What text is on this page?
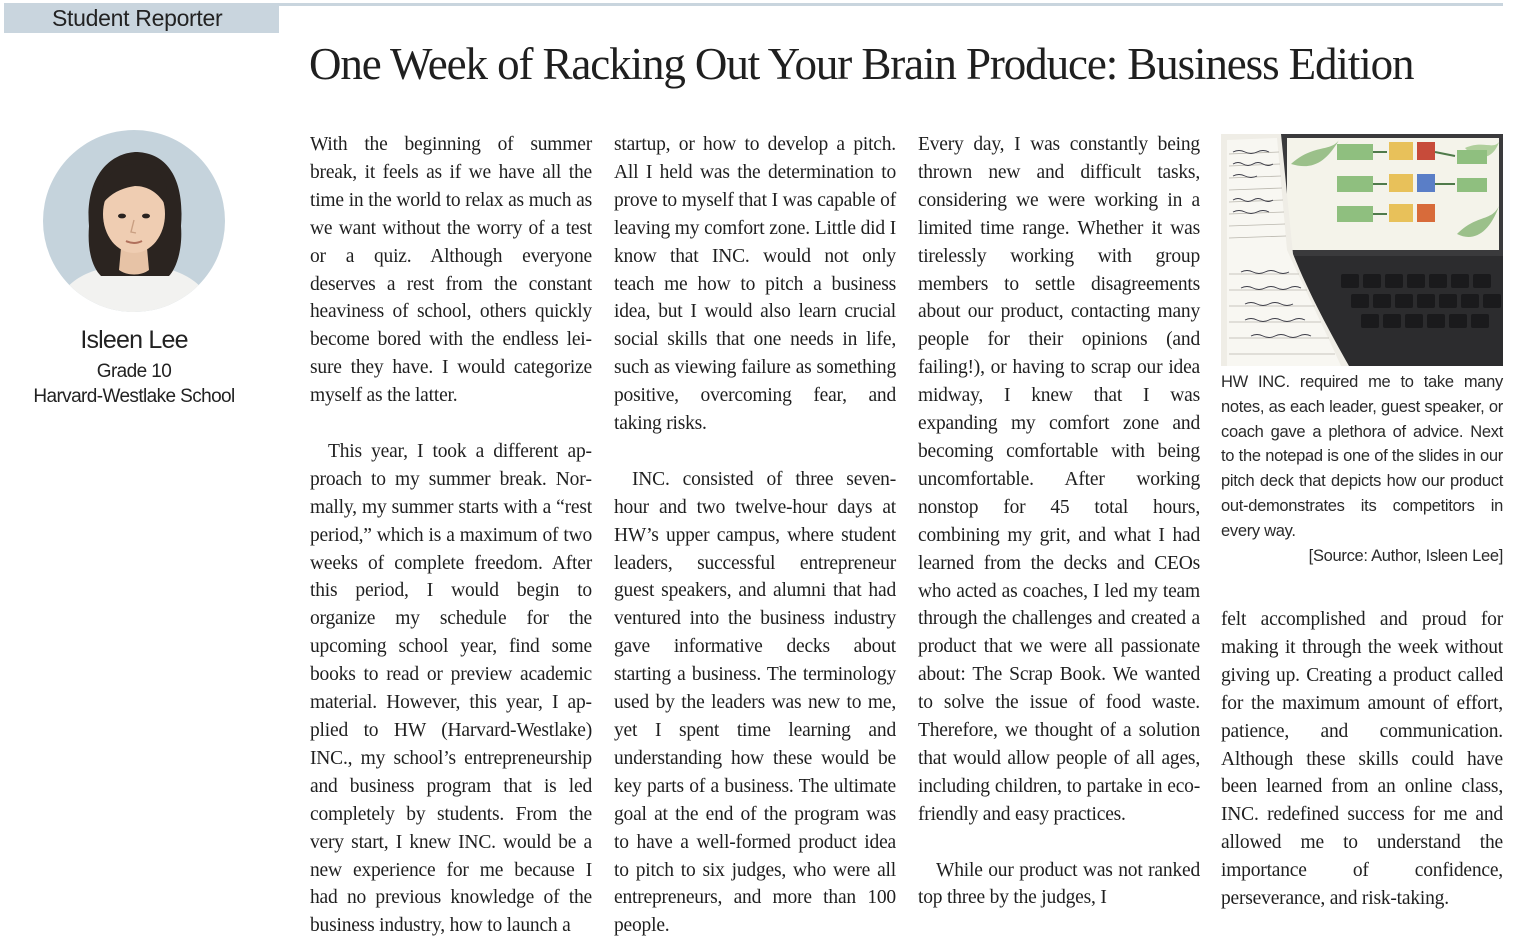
Student Reporter
One Week of Racking Out Your Brain Produce: Business Edition
Isleen Lee
Grade 10
Harvard-Westlake School

With the beginning of summer break, it feels as if we have all the time in the world to relax as much as we want without the worry of a test or a quiz. Although everyone deserves a rest from the constant heaviness of school, others quickly become bored with the endless leisure they have. I would categorize myself as the latter.

This year, I took a different approach to my summer break. Normally, my summer starts with a “rest period,” which is a maximum of two weeks of complete freedom. After this period, I would begin to organize my schedule for the upcoming school year, find some books to read or preview academic material. However, this year, I applied to HW (Harvard-Westlake) INC., my school’s entrepreneurship and business program that is led completely by students. From the very start, I knew INC. would be a new experience for me because I had no previous knowledge of the business industry, how to launch a

startup, or how to develop a pitch. All I held was the determination to prove to myself that I was capable of leaving my comfort zone. Little did I know that INC. would not only teach me how to pitch a business idea, but I would also learn crucial social skills that one needs in life, such as viewing failure as something positive, overcoming fear, and taking risks.

INC. consisted of three seven-hour and two twelve-hour days at HW’s upper campus, where student leaders, successful entrepreneur guest speakers, and alumni that had ventured into the business industry gave informative decks about starting a business. The terminology used by the leaders was new to me, yet I spent time learning and understanding how these would be key parts of a business. The ultimate goal at the end of the program was to have a well-formed product idea to pitch to six judges, who were all entrepreneurs, and more than 100 people.

Every day, I was constantly being thrown new and difficult tasks, considering we were working in a limited time range. Whether it was tirelessly working with group members to settle disagreements about our product, contacting many people for their opinions (and failing!), or having to scrap our idea midway, I knew that I was expanding my comfort zone and becoming comfortable with being uncomfortable. After working nonstop for 45 total hours, combining my grit, and what I had learned from the decks and CEOs who acted as coaches, I led my team through the challenges and created a product that we were all passionate about: The Scrap Book. We wanted to solve the issue of food waste. Therefore, we thought of a solution that would allow people of all ages, including children, to partake in eco-friendly and easy practices.

While our product was not ranked top three by the judges, I

HW INC. required me to take many notes, as each leader, guest speaker, or coach gave a plethora of advice. Next to the notepad is one of the slides in our pitch deck that depicts how our product out-demonstrates its competitors in every way.
[Source: Author, Isleen Lee]

felt accomplished and proud for making it through the week without giving up. Creating a product called for the maximum amount of effort, patience, and communication. Although these skills could have been learned from an online class, INC. redefined success for me and allowed me to understand the importance of confidence, perseverance, and risk-taking.
